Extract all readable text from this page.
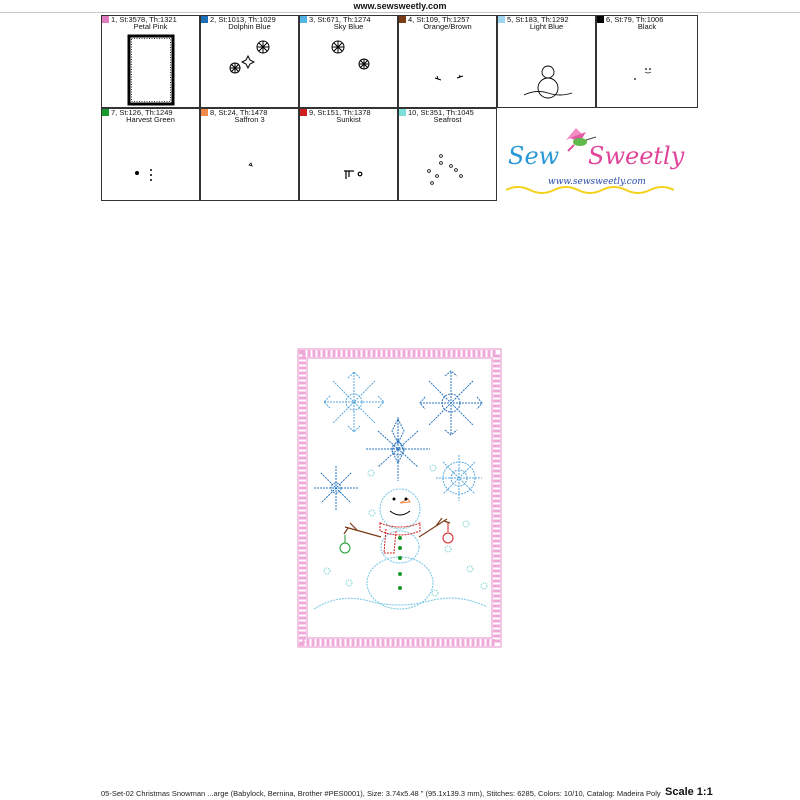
www.sewsweetly.com
1, St:3578, Th:1321
Petal Pink
2, St:1013, Th:1029
Dolphin Blue
3, St:671, Th:1274
Sky Blue
4, St:109, Th:1257
Orange/Brown
5, St:183, Th:1292
Light Blue
6, St:79, Th:1006
Black
7, St:126, Th:1249
Harvest Green
8, St:24, Th:1478
Saffron 3
9, St:151, Th:1378
Sunkist
10, St:351, Th:1045
Seafrost
Sew Sweetly
www.sewsweetly.com
05-Set-02 Christmas Snowman ...arge (Babylock, Bernina, Brother #PES0001), Size: 3.74x5.48 " (95.1x139.3 mm), Stitches: 6285, Colors: 10/10, Catalog: Madeira Poly Scale 1:1
